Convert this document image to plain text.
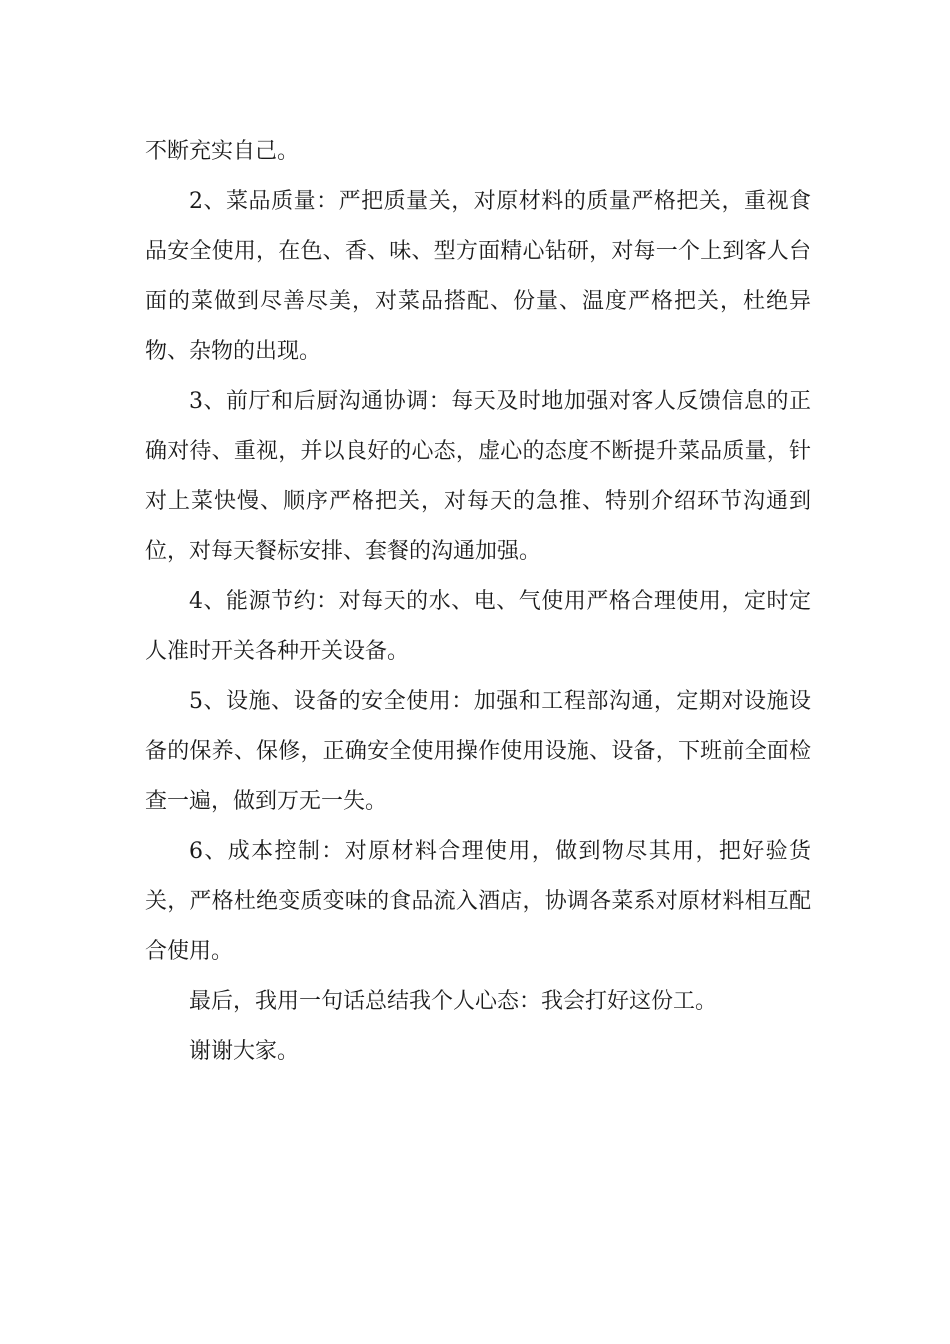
不断充实自己。

2、菜品质量：严把质量关，对原材料的质量严格把关，重视食品安全使用，在色、香、味、型方面精心钻研，对每一个上到客人台面的菜做到尽善尽美，对菜品搭配、份量、温度严格把关，杜绝异物、杂物的出现。

3、前厅和后厨沟通协调：每天及时地加强对客人反馈信息的正确对待、重视，并以良好的心态，虚心的态度不断提升菜品质量，针对上菜快慢、顺序严格把关，对每天的急推、特别介绍环节沟通到位，对每天餐标安排、套餐的沟通加强。

4、能源节约：对每天的水、电、气使用严格合理使用，定时定人准时开关各种开关设备。

5、设施、设备的安全使用：加强和工程部沟通，定期对设施设备的保养、保修，正确安全使用操作使用设施、设备，下班前全面检查一遍，做到万无一失。

6、成本控制：对原材料合理使用，做到物尽其用，把好验货关，严格杜绝变质变味的食品流入酒店，协调各菜系对原材料相互配合使用。

最后，我用一句话总结我个人心态：我会打好这份工。

谢谢大家。
